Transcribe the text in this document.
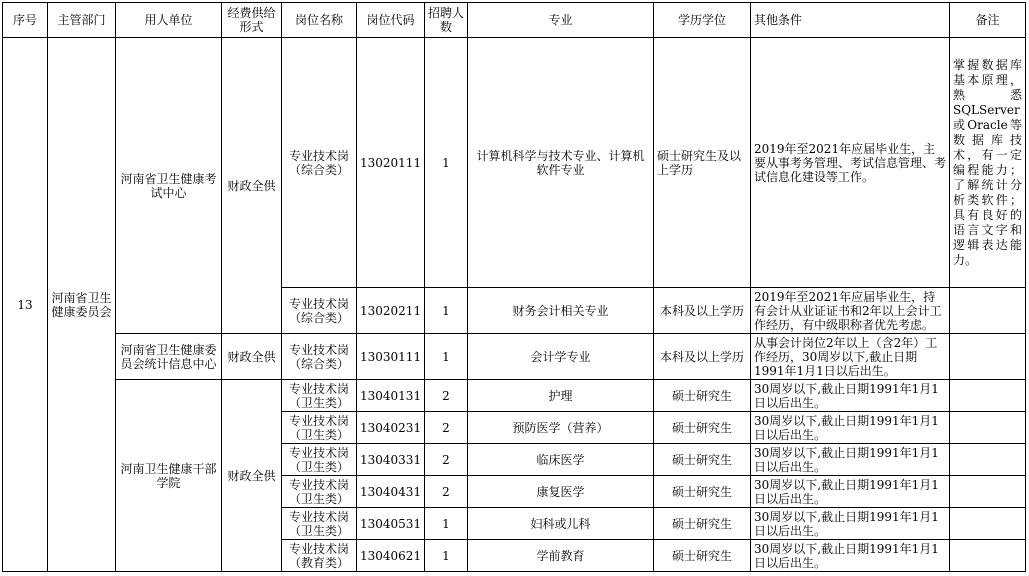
序号	主管部门	用人单位	经费供给形式	岗位名称	岗位代码	招聘人数	专业	学历学位	其他条件	备注
13	河南省卫生健康委员会	河南省卫生健康考试中心	财政全供	专业技术岗（综合类）	13020111	1	计算机科学与技术专业、计算机软件专业	硕士研究生及以上学历	2019年至2021年应届毕业生，主要从事考务管理、考试信息管理、考试信息化建设等工作。	掌握数据库基本原理，熟悉SQLServer或Oracle等数据库技术，有一定编程能力；了解统计分析类软件；具有良好的语言文字和逻辑表达能力。
				专业技术岗（综合类）	13020211	1	财务会计相关专业	本科及以上学历	2019年至2021年应届毕业生，持有会计从业证证书和2年以上会计工作经历，有中级职称者优先考虑。	
		河南省卫生健康委员会统计信息中心	财政全供	专业技术岗（综合类）	13030111	1	会计学专业	本科及以上学历	从事会计岗位2年以上（含2年）工作经历，30周岁以下,截止日期1991年1月1日以后出生。	
		河南卫生健康干部学院	财政全供	专业技术岗（卫生类）	13040131	2	护理	硕士研究生	30周岁以下,截止日期1991年1月1日以后出生。	
				专业技术岗（卫生类）	13040231	2	预防医学（营养）	硕士研究生	30周岁以下,截止日期1991年1月1日以后出生。	
				专业技术岗（卫生类）	13040331	2	临床医学	硕士研究生	30周岁以下,截止日期1991年1月1日以后出生。	
				专业技术岗（卫生类）	13040431	2	康复医学	硕士研究生	30周岁以下,截止日期1991年1月1日以后出生。	
				专业技术岗（卫生类）	13040531	1	妇科或儿科	硕士研究生	30周岁以下,截止日期1991年1月1日以后出生。	
				专业技术岗（教育类）	13040621	1	学前教育	硕士研究生	30周岁以下,截止日期1991年1月1日以后出生。	
